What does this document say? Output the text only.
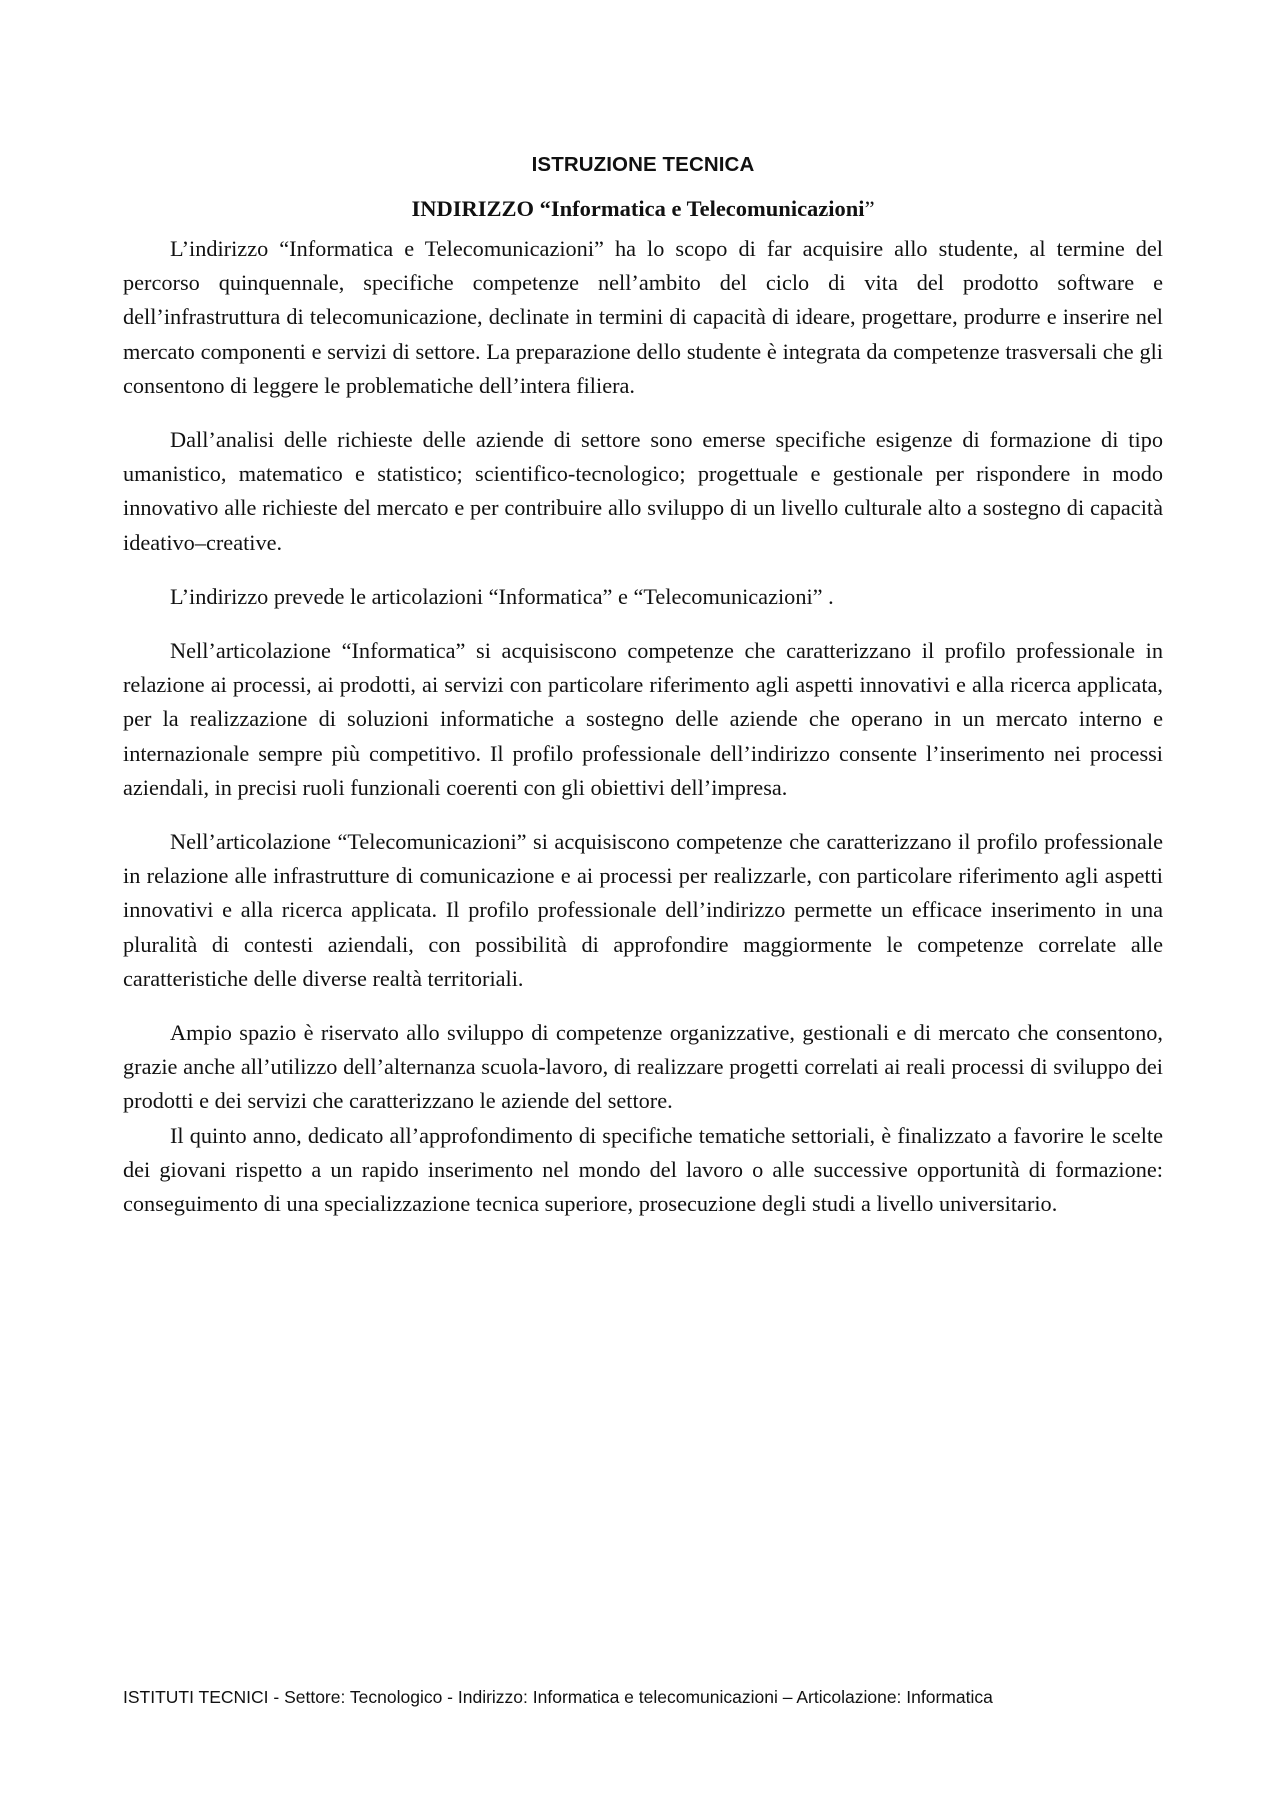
ISTRUZIONE TECNICA

INDIRIZZO “Informatica e Telecomunicazioni”

L’indirizzo “Informatica e Telecomunicazioni” ha lo scopo di far acquisire allo studente, al termine del percorso quinquennale, specifiche competenze nell’ambito del ciclo di vita del prodotto software e dell’infrastruttura di telecomunicazione, declinate in termini di capacità di ideare, progettare, produrre e inserire nel mercato componenti e servizi di settore. La preparazione dello studente è integrata da competenze trasversali che gli consentono di leggere le problematiche dell’intera filiera.

Dall’analisi delle richieste delle aziende di settore sono emerse specifiche esigenze di formazione di tipo umanistico, matematico e statistico; scientifico-tecnologico; progettuale e gestionale per rispondere in modo innovativo alle richieste del mercato e per contribuire allo sviluppo di un livello culturale alto a sostegno di capacità ideativo–creative.

L’indirizzo prevede le articolazioni “Informatica” e “Telecomunicazioni” .

Nell’articolazione “Informatica” si acquisiscono competenze che caratterizzano il profilo professionale in relazione ai processi, ai prodotti, ai servizi con particolare riferimento agli aspetti innovativi e alla ricerca applicata, per la realizzazione di soluzioni informatiche a sostegno delle aziende che operano in un mercato interno e internazionale sempre più competitivo. Il profilo professionale dell’indirizzo consente l’inserimento nei processi aziendali, in precisi ruoli funzionali coerenti con gli obiettivi dell’impresa.

Nell’articolazione “Telecomunicazioni” si acquisiscono competenze che caratterizzano il profilo professionale in relazione alle infrastrutture di comunicazione e ai processi per realizzarle, con particolare riferimento agli aspetti innovativi e alla ricerca applicata. Il profilo professionale dell’indirizzo permette un efficace inserimento in una pluralità di contesti aziendali, con possibilità di approfondire maggiormente le competenze correlate alle caratteristiche delle diverse realtà territoriali.

Ampio spazio è riservato allo sviluppo di competenze organizzative, gestionali e di mercato che consentono, grazie anche all’utilizzo dell’alternanza scuola-lavoro, di realizzare progetti correlati ai reali processi di sviluppo dei prodotti e dei servizi che caratterizzano le aziende del settore.

Il quinto anno, dedicato all’approfondimento di specifiche tematiche settoriali, è finalizzato a favorire le scelte dei giovani rispetto a un rapido inserimento nel mondo del lavoro o alle successive opportunità di formazione: conseguimento di una specializzazione tecnica superiore, prosecuzione degli studi a livello universitario.

ISTITUTI TECNICI - Settore: Tecnologico - Indirizzo: Informatica e telecomunicazioni – Articolazione: Informatica
